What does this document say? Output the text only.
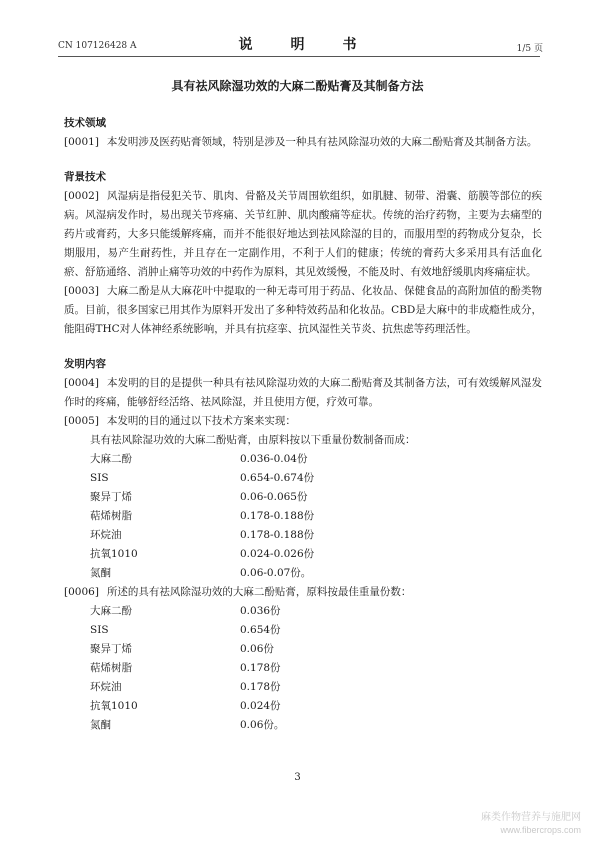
CN 107126428 A	说　明　书	1/5 页
具有祛风除湿功效的大麻二酚贴膏及其制备方法
技术领域
[0001] 本发明涉及医药贴膏领域，特别是涉及一种具有祛风除湿功效的大麻二酚贴膏及其制备方法。
背景技术
[0002] 风湿病是指侵犯关节、肌肉、骨骼及关节周围软组织，如肌腱、韧带、滑囊、筋膜等部位的疾病。风湿病发作时，易出现关节疼痛、关节红肿、肌肉酸痛等症状。传统的治疗药物，主要为去痛型的药片或膏药，大多只能缓解疼痛，而并不能很好地达到祛风除湿的目的，而服用型的药物成分复杂，长期服用，易产生耐药性，并且存在一定副作用，不利于人们的健康；传统的膏药大多采用具有活血化瘀、舒筋通络、消肿止痛等功效的中药作为原料，其见效缓慢，不能及时、有效地舒缓肌肉疼痛症状。
[0003] 大麻二酚是从大麻花叶中提取的一种无毒可用于药品、化妆品、保健食品的高附加值的酚类物质。目前，很多国家已用其作为原料开发出了多种特效药品和化妆品。CBD是大麻中的非成瘾性成分，能阻碍THC对人体神经系统影响，并具有抗痉挛、抗风湿性关节炎、抗焦虑等药理活性。
发明内容
[0004] 本发明的目的是提供一种具有祛风除湿功效的大麻二酚贴膏及其制备方法，可有效缓解风湿发作时的疼痛，能够舒经活络、祛风除湿，并且使用方便，疗效可靠。
[0005] 本发明的目的通过以下技术方案来实现：
具有祛风除湿功效的大麻二酚贴膏，由原料按以下重量份数制备而成：
大麻二酚	0.036-0.04份
SIS	0.654-0.674份
聚异丁烯	0.06-0.065份
萜烯树脂	0.178-0.188份
环烷油	0.178-0.188份
抗氧1010	0.024-0.026份
氮酮	0.06-0.07份。
[0006] 所述的具有祛风除湿功效的大麻二酚贴膏，原料按最佳重量份数：
大麻二酚	0.036份
SIS	0.654份
聚异丁烯	0.06份
萜烯树脂	0.178份
环烷油	0.178份
抗氧1010	0.024份
氮酮	0.06份。
3
麻类作物营养与施肥网
www.fibercrops.com
